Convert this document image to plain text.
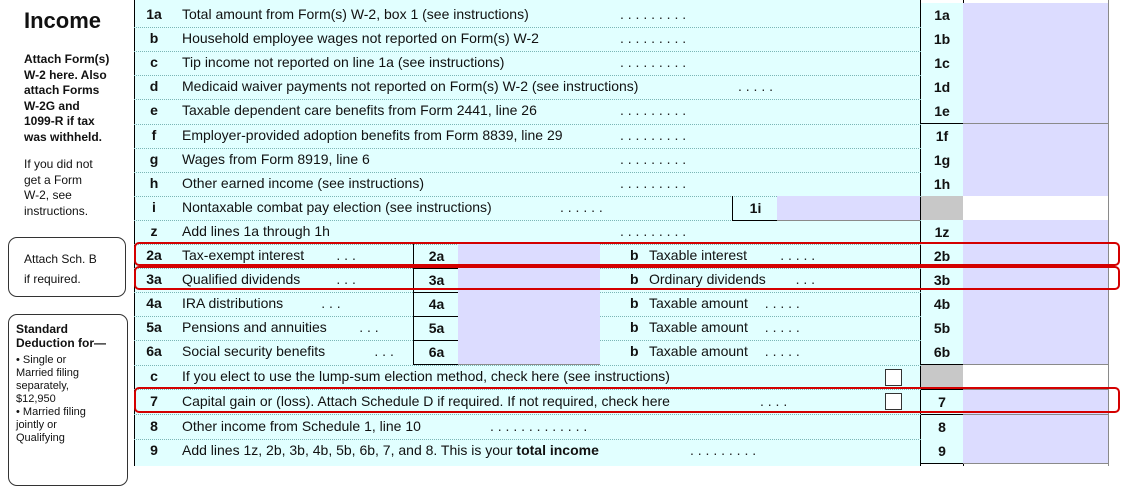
Income
Attach Form(s)
W-2 here. Also
attach Forms
W-2G and
1099-R if tax
was withheld.
If you did not
get a Form
W-2, see
instructions.
Attach Sch. B
if required.
Standard
Deduction for—
• Single or
Married filing
separately,
$12,950
• Married filing
jointly or
Qualifying
1a	Total amount from Form(s) W-2, box 1 (see instructions)	. . . . . . . . .	1a
b	Household employee wages not reported on Form(s) W-2	. . . . . . . . .	1b
c	Tip income not reported on line 1a (see instructions)	. . . . . . . . .	1c
d	Medicaid waiver payments not reported on Form(s) W-2 (see instructions)	. . . . .	1d
e	Taxable dependent care benefits from Form 2441, line 26	. . . . . . . . .	1e
f	Employer-provided adoption benefits from Form 8839, line 29	. . . . . . . . .	1f
g	Wages from Form 8919, line 6	. . . . . . . . .	1g
h	Other earned income (see instructions)	. . . . . . . . .	1h
i	Nontaxable combat pay election (see instructions)	. . . . . .	1i
z	Add lines 1a through 1h	. . . . . . . . .	1z
2a	Tax-exempt interest . . .	2a	b Taxable interest . . . . .	2b
3a	Qualified dividends	. . .	3a	b Ordinary dividends . . .	3b
4a	IRA distributions	. . .	4a	b Taxable amount . . . . .	4b
5a	Pensions and annuities . . .	5a	b Taxable amount . . . . .	5b
6a	Social security benefits	. . .	6a	b Taxable amount . . . . .	6b
c	If you elect to use the lump-sum election method, check here (see instructions)
7	Capital gain or (loss). Attach Schedule D if required. If not required, check here	. . . .	7
8	Other income from Schedule 1, line 10	. . . . . . . . . . . . .	8
9	Add lines 1z, 2b, 3b, 4b, 5b, 6b, 7, and 8. This is your total income	. . . . . . . . .	9
